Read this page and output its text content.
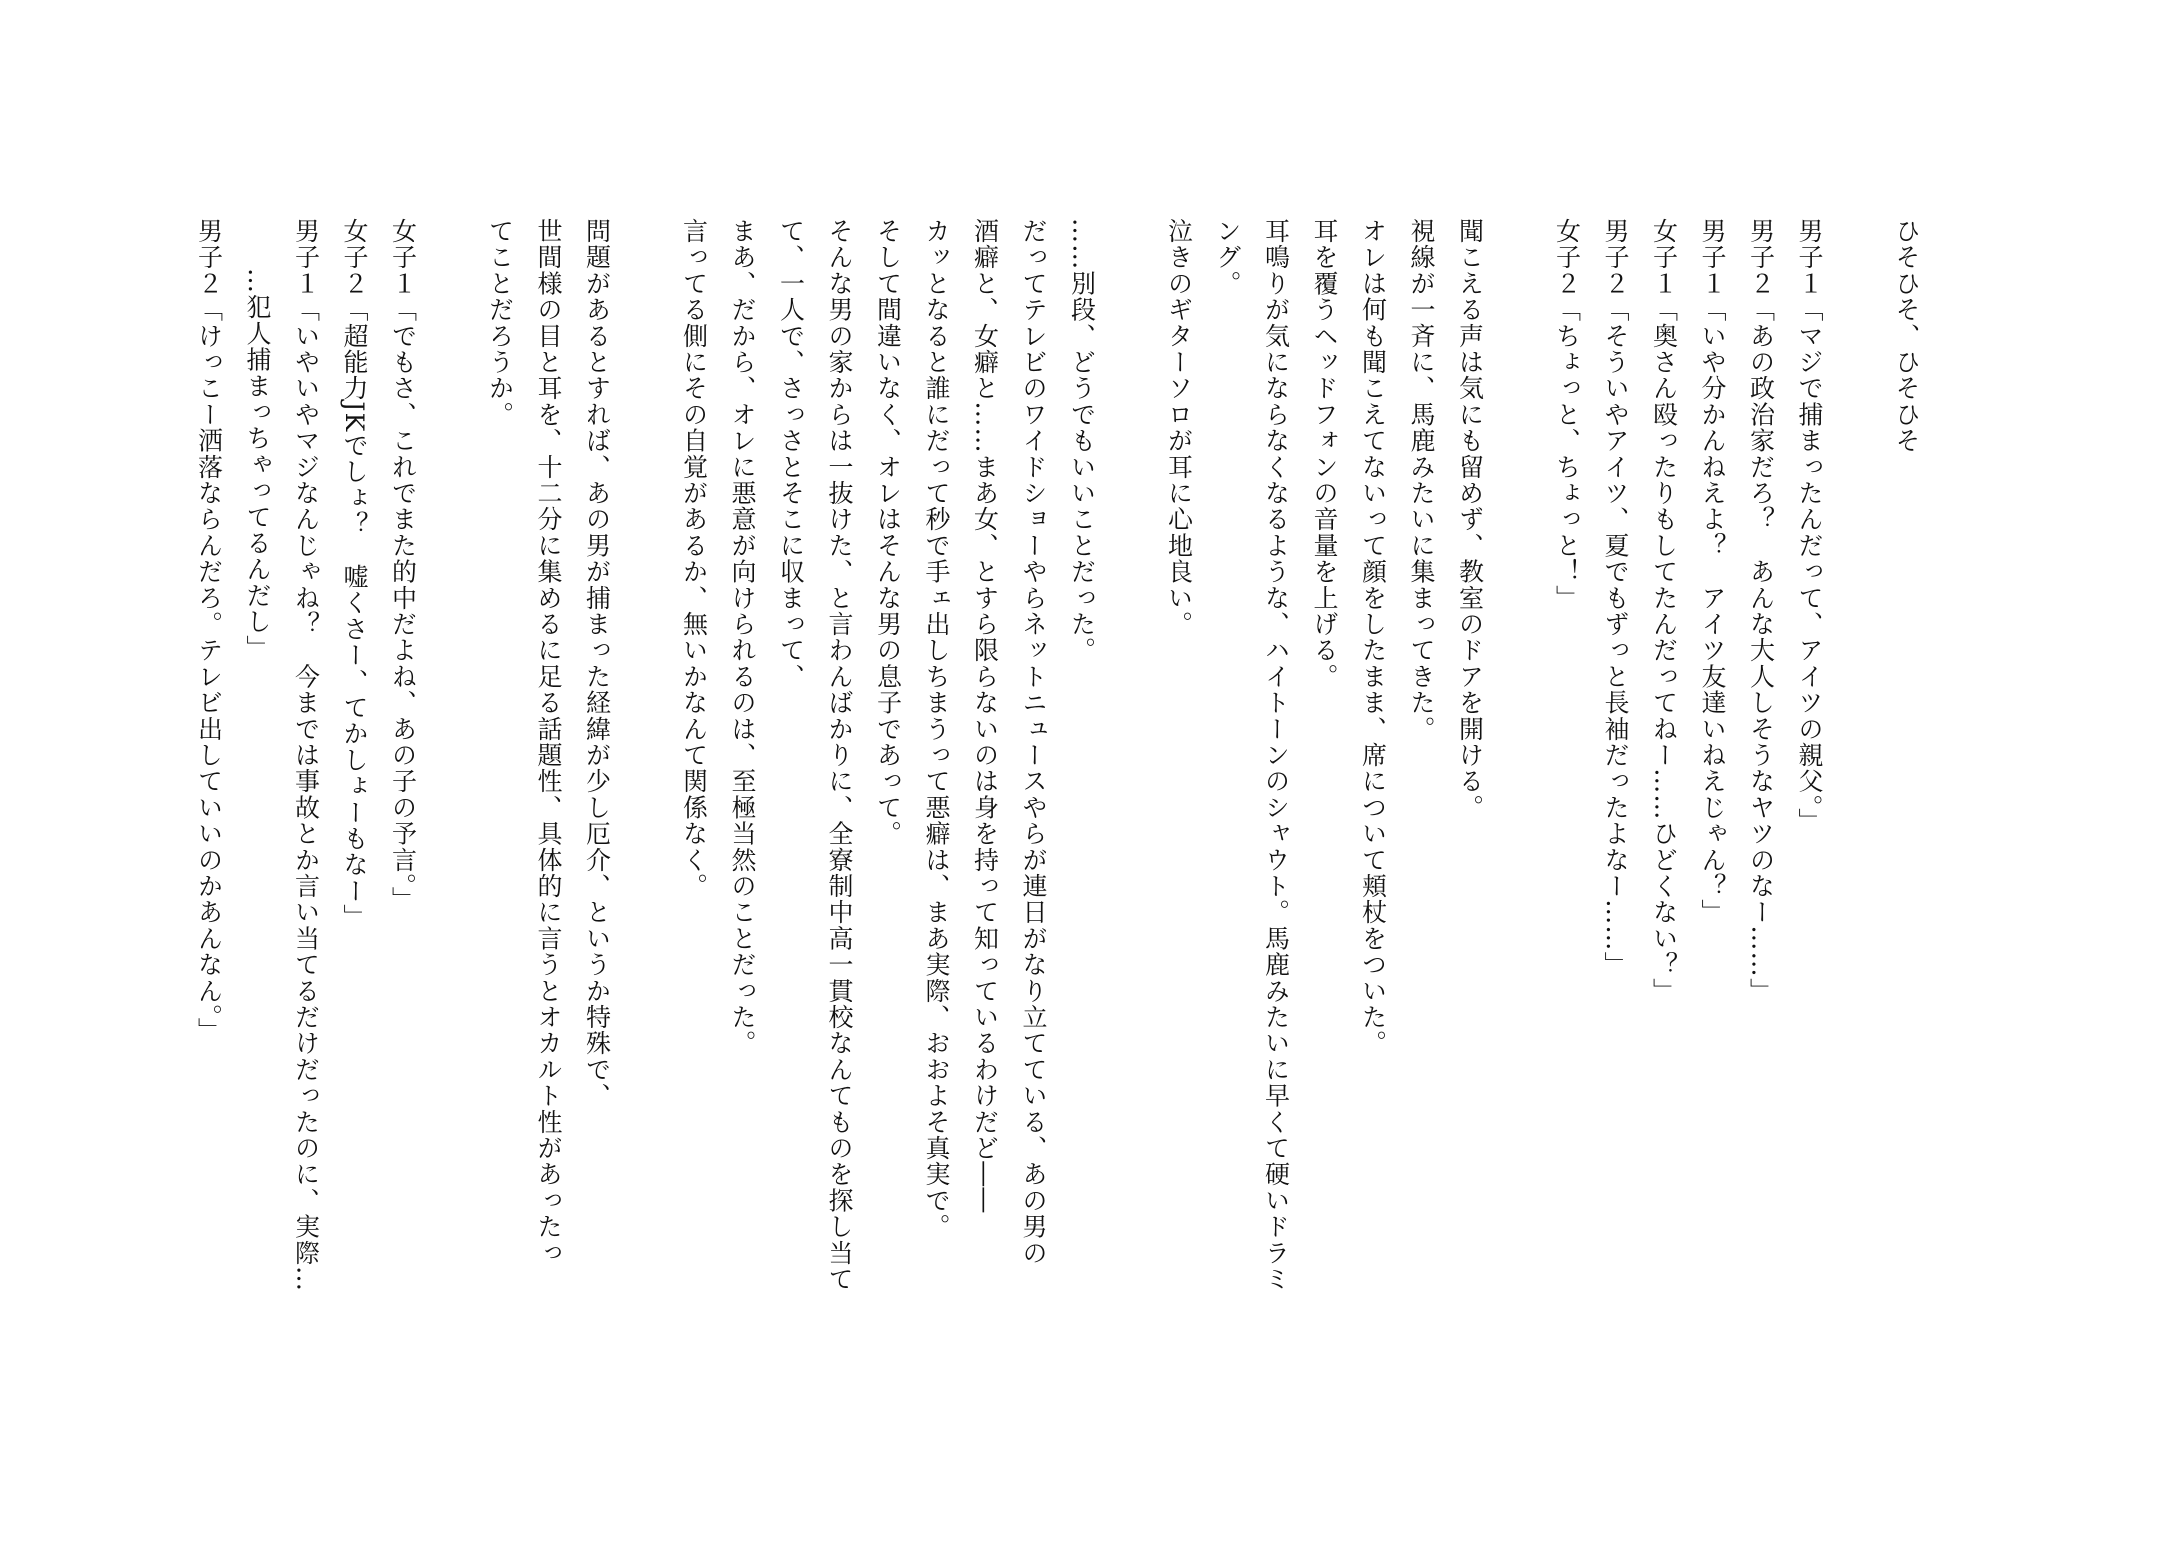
ひそひそ、ひそひそ
男子１「マジで捕まったんだって、アイツの親父。」
男子２「あの政治家だろ？　あんな大人しそうなヤツのなー……」
男子１「いや分かんねえよ？　アイツ友達いねえじゃん？」
女子１「奥さん殴ったりもしてたんだってねー……ひどくない？」
男子２「そういやアイツ、夏でもずっと長袖だったよなー……」
女子２「ちょっと、ちょっと！」
聞こえる声は気にも留めず、教室のドアを開ける。
視線が一斉に、馬鹿みたいに集まってきた。
オレは何も聞こえてないって顔をしたまま、席について頬杖をついた。
耳を覆うヘッドフォンの音量を上げる。
耳鳴りが気にならなくなるような、ハイトーンのシャウト。馬鹿みたいに早くて硬いドラミ
ング。
泣きのギターソロが耳に心地良い。
……別段、どうでもいいことだった。
だってテレビのワイドショーやらネットニュースやらが連日がなり立てている、あの男の
酒癖と、女癖と……まあ女、とすら限らないのは身を持って知っているわけだど――
カッとなると誰にだって秒で手ェ出しちまうって悪癖は、まあ実際、おおよそ真実で。
そして間違いなく、オレはそんな男の息子であって。
そんな男の家からは一抜けた、と言わんばかりに、全寮制中高一貫校なんてものを探し当て
て、一人で、さっさとそこに収まって、
まあ、だから、オレに悪意が向けられるのは、至極当然のことだった。
言ってる側にその自覚があるか、無いかなんて関係なく。
問題があるとすれば、あの男が捕まった経緯が少し厄介、というか特殊で、
世間様の目と耳を、十二分に集めるに足る話題性、具体的に言うとオカルト性があったっ
てことだろうか。
女子１「でもさ、これでまた的中だよね、あの子の予言。」
女子２「超能力JKでしょ？　嘘くさー、てかしょーもなー」
男子１「いやいやマジなんじゃね？　今までは事故とか言い当てるだけだったのに、実際…
…犯人捕まっちゃってるんだし」
男子２「けっこー洒落ならんだろ。テレビ出していいのかあんなん。」
